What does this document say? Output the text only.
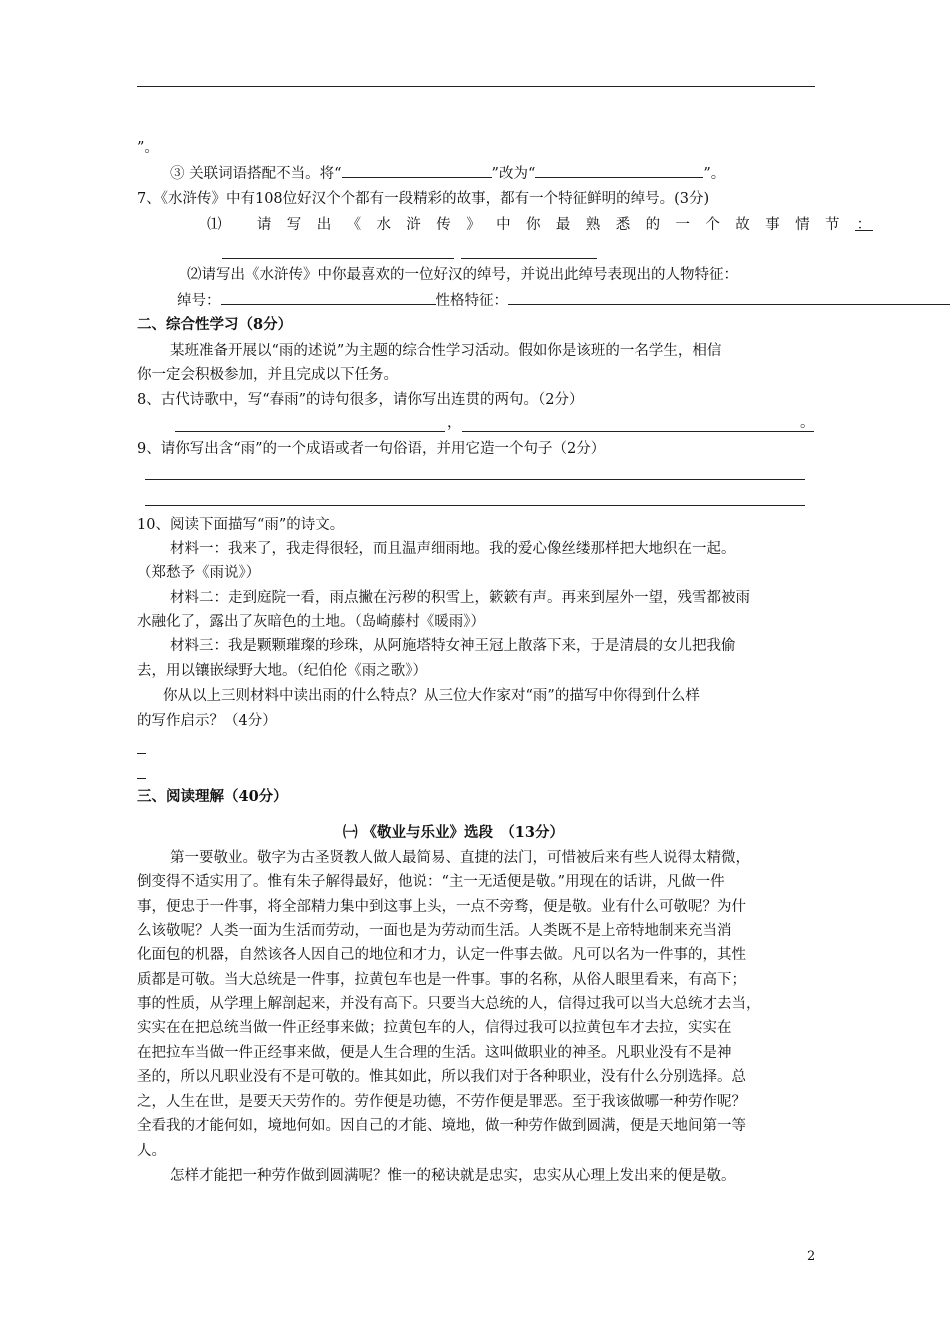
”。
③ 关联词语搭配不当。将“	”改为“	”。
7、《水浒传》中有108位好汉个个都有一段精彩的故事，都有一个特征鲜明的绰号。(3分)
⑴ 请写出《水浒传》中你最熟悉的一个故事情节 ：
⑵请写出《水浒传》中你最喜欢的一位好汉的绰号，并说出此绰号表现出的人物特征：
绰号：	性格特征：
二、综合性学习（8分）
某班准备开展以“雨的述说”为主题的综合性学习活动。假如你是该班的一名学生，相信
你一定会积极参加，并且完成以下任务。
8、古代诗歌中，写“春雨”的诗句很多，请你写出连贯的两句。（2分）
，	。
9、请你写出含“雨”的一个成语或者一句俗语，并用它造一个句子（2分）
10、阅读下面描写“雨”的诗文。
材料一：我来了，我走得很轻，而且温声细雨地。我的爱心像丝缕那样把大地织在一起。
（郑愁予《雨说》）
材料二：走到庭院一看，雨点撇在污秽的积雪上，簌簌有声。再来到屋外一望，残雪都被雨
水融化了，露出了灰暗色的土地。（岛崎藤村《暖雨》）
材料三：我是颗颗璀璨的珍珠，从阿施塔特女神王冠上散落下来，于是清晨的女儿把我偷
去，用以镶嵌绿野大地。（纪伯伦《雨之歌》）
你从以上三则材料中读出雨的什么特点？从三位大作家对“雨”的描写中你得到什么样
的写作启示？（4分）
三、阅读理解（40分）
㈠ 《敬业与乐业》选段　（13分）
第一要敬业。敬字为古圣贤教人做人最简易、直捷的法门，可惜被后来有些人说得太精微，
倒变得不适实用了。惟有朱子解得最好，他说：“主一无适便是敬。”用现在的话讲，凡做一件
事，便忠于一件事，将全部精力集中到这事上头，一点不旁骛，便是敬。业有什么可敬呢？为什
么该敬呢？人类一面为生活而劳动，一面也是为劳动而生活。人类既不是上帝特地制来充当消
化面包的机器，自然该各人因自己的地位和才力，认定一件事去做。凡可以名为一件事的，其性
质都是可敬。当大总统是一件事，拉黄包车也是一件事。事的名称，从俗人眼里看来，有高下；
事的性质，从学理上解剖起来，并没有高下。只要当大总统的人，信得过我可以当大总统才去当，
实实在在把总统当做一件正经事来做；拉黄包车的人，信得过我可以拉黄包车才去拉，实实在
在把拉车当做一件正经事来做，便是人生合理的生活。这叫做职业的神圣。凡职业没有不是神
圣的，所以凡职业没有不是可敬的。惟其如此，所以我们对于各种职业，没有什么分别选择。总
之，人生在世，是要天天劳作的。劳作便是功德，不劳作便是罪恶。至于我该做哪一种劳作呢？
全看我的才能何如，境地何如。因自己的才能、境地，做一种劳作做到圆满，便是天地间第一等
人。
怎样才能把一种劳作做到圆满呢？惟一的秘诀就是忠实，忠实从心理上发出来的便是敬。
2
